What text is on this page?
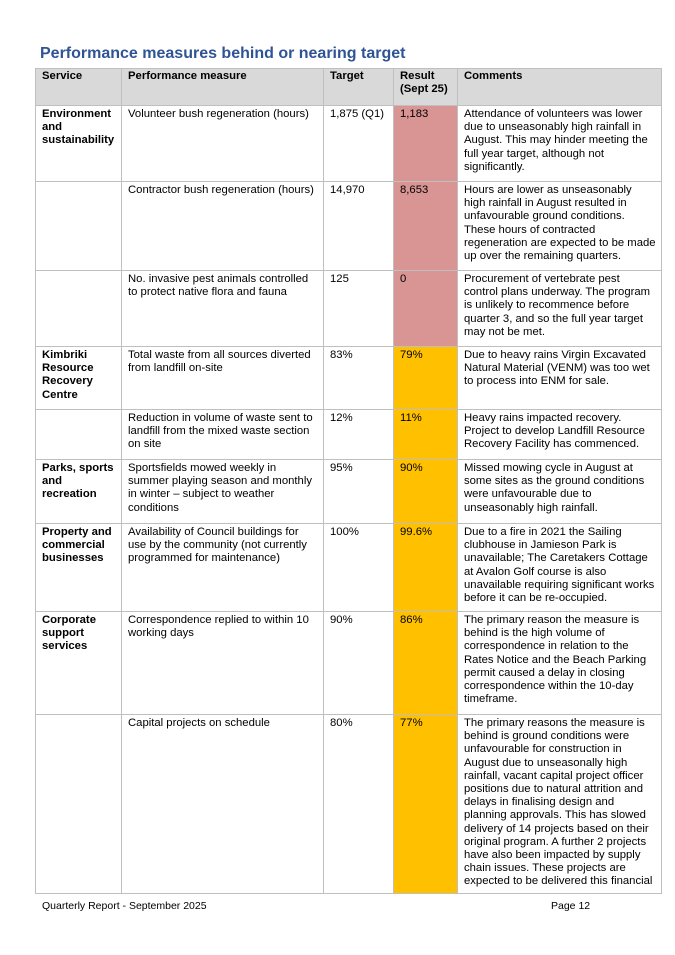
Performance measures behind or nearing target
Service	Performance measure	Target	Result (Sept 25)	Comments
Environment and sustainability	Volunteer bush regeneration (hours)	1,875 (Q1)	1,183	Attendance of volunteers was lower due to unseasonably high rainfall in August. This may hinder meeting the full year target, although not significantly.
	Contractor bush regeneration (hours)	14,970	8,653	Hours are lower as unseasonably high rainfall in August resulted in unfavourable ground conditions. These hours of contracted regeneration are expected to be made up over the remaining quarters.
	No. invasive pest animals controlled to protect native flora and fauna	125	0	Procurement of vertebrate pest control plans underway. The program is unlikely to recommence before quarter 3, and so the full year target may not be met.
Kimbriki Resource Recovery Centre	Total waste from all sources diverted from landfill on-site	83%	79%	Due to heavy rains Virgin Excavated Natural Material (VENM) was too wet to process into ENM for sale.
	Reduction in volume of waste sent to landfill from the mixed waste section on site	12%	11%	Heavy rains impacted recovery. Project to develop Landfill Resource Recovery Facility has commenced.
Parks, sports and recreation	Sportsfields mowed weekly in summer playing season and monthly in winter – subject to weather conditions	95%	90%	Missed mowing cycle in August at some sites as the ground conditions were unfavourable due to unseasonably high rainfall.
Property and commercial businesses	Availability of Council buildings for use by the community (not currently programmed for maintenance)	100%	99.6%	Due to a fire in 2021 the Sailing clubhouse in Jamieson Park is unavailable; The Caretakers Cottage at Avalon Golf course is also unavailable requiring significant works before it can be re-occupied.
Corporate support services	Correspondence replied to within 10 working days	90%	86%	The primary reason the measure is behind is the high volume of correspondence in relation to the Rates Notice and the Beach Parking permit caused a delay in closing correspondence within the 10-day timeframe.
	Capital projects on schedule	80%	77%	The primary reasons the measure is behind is ground conditions were unfavourable for construction in August due to unseasonally high rainfall, vacant capital project officer positions due to natural attrition and delays in finalising design and planning approvals. This has slowed delivery of 14 projects based on their original program. A further 2 projects have also been impacted by supply chain issues. These projects are expected to be delivered this financial
Quarterly Report - September 2025	Page 12
